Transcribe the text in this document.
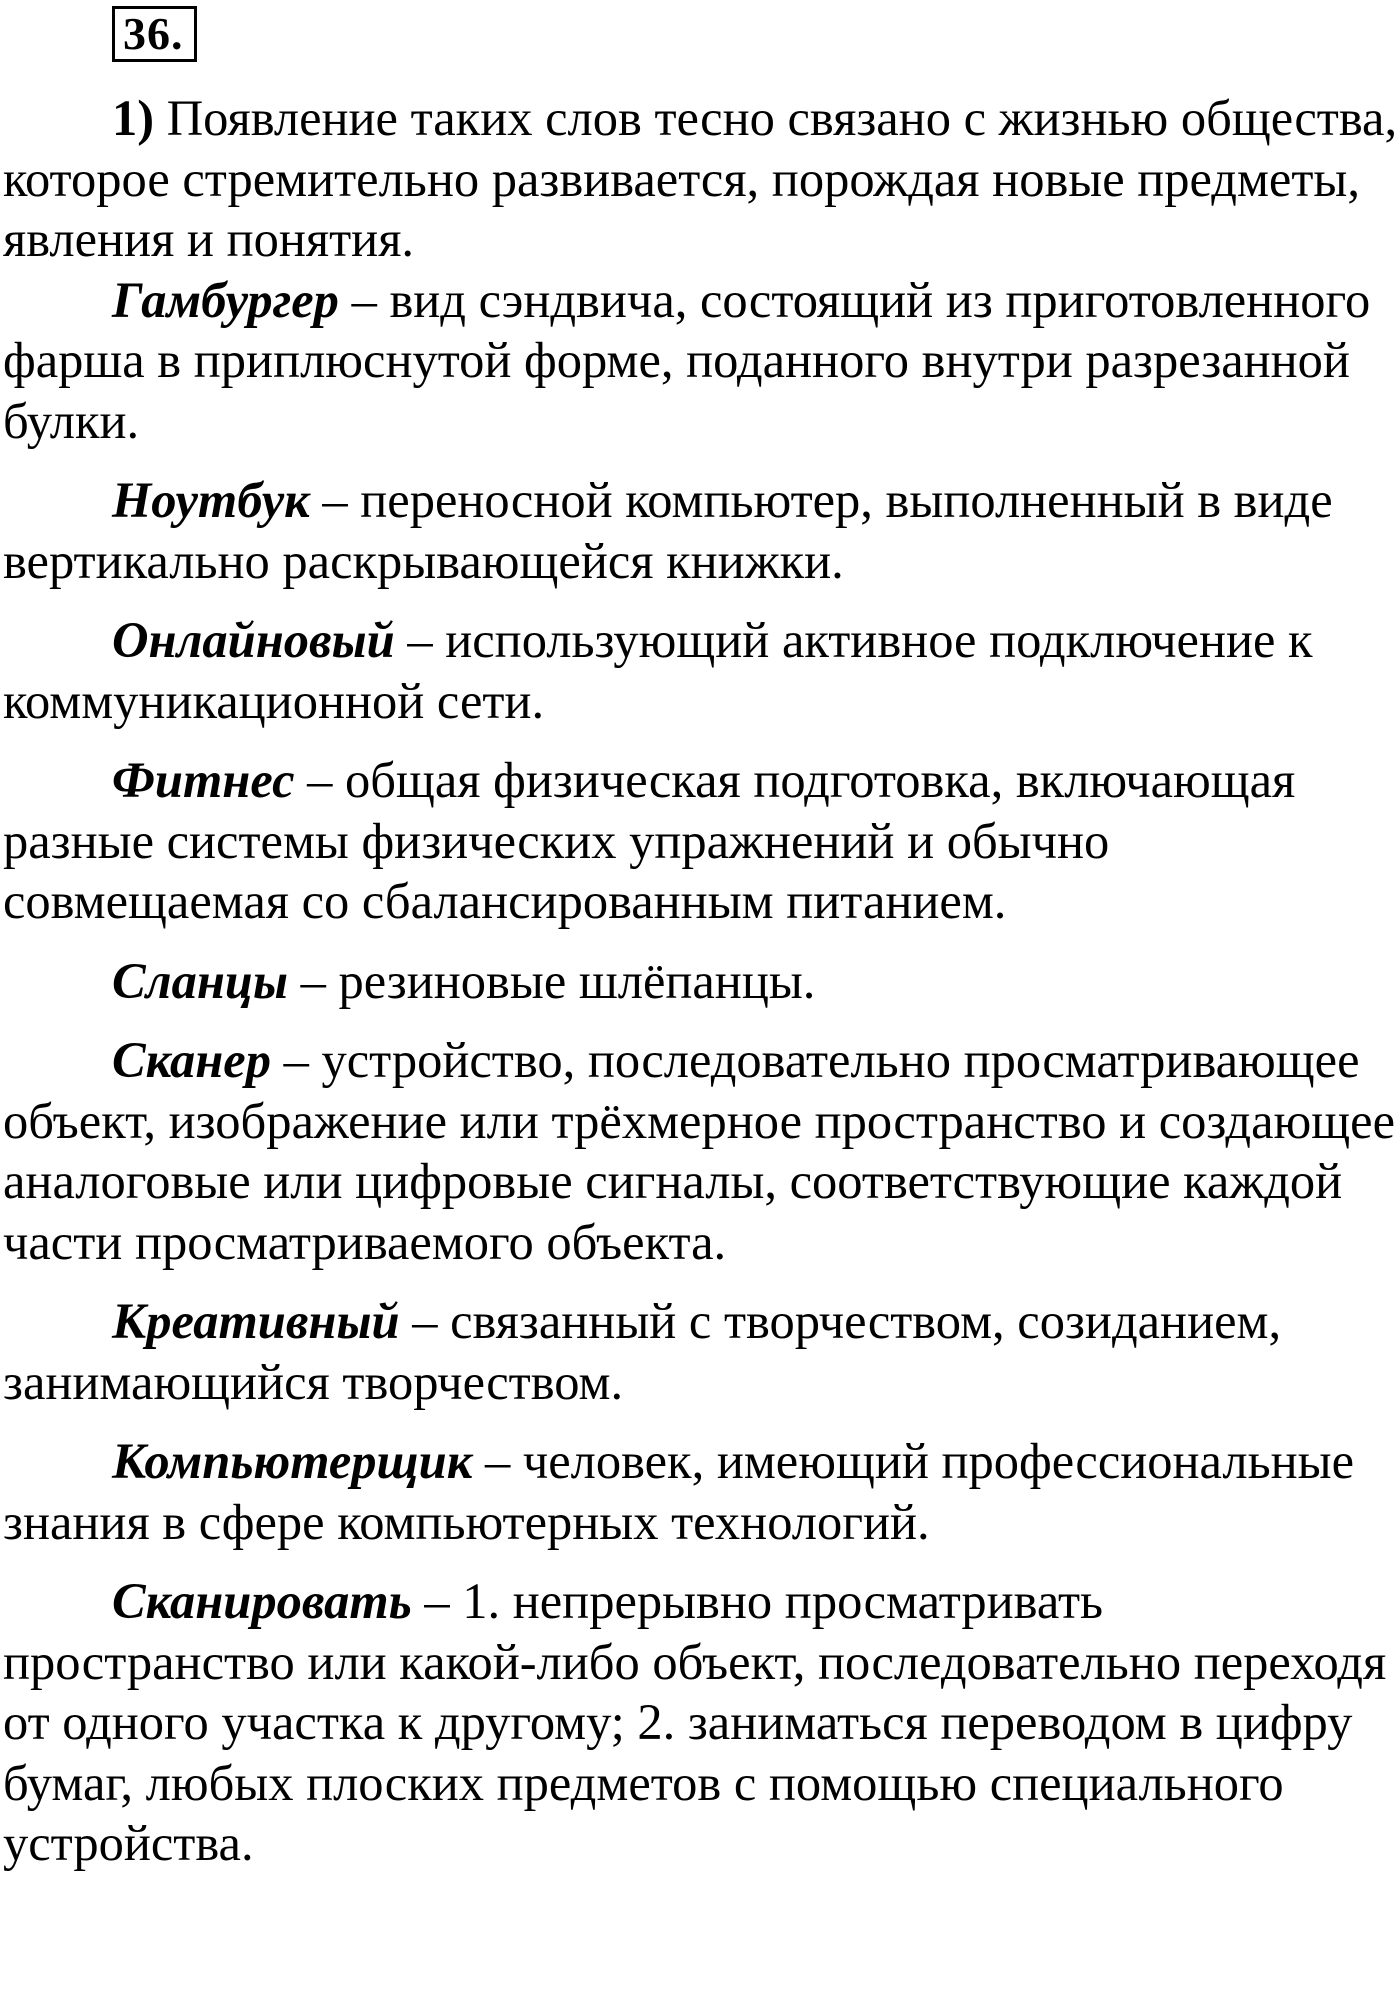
36.

1) Появление таких слов тесно связано с жизнью общества, которое стремительно развивается, порождая новые предметы, явления и понятия.

Гамбургер – вид сэндвича, состоящий из приготовленного фарша в приплюснутой форме, поданного внутри разрезанной булки.

Ноутбук – переносной компьютер, выполненный в виде вертикально раскрывающейся книжки.

Онлайновый – использующий активное подключение к коммуникационной сети.

Фитнес – общая физическая подготовка, включающая разные системы физических упражнений и обычно совмещаемая со сбалансированным питанием.

Сланцы – резиновые шлёпанцы.

Сканер – устройство, последовательно просматривающее объект, изображение или трёхмерное пространство и создающее аналоговые или цифровые сигналы, соответствующие каждой части просматриваемого объекта.

Креативный – связанный с творчеством, созиданием, занимающийся творчеством.

Компьютерщик – человек, имеющий профессиональные знания в сфере компьютерных технологий.

Сканировать – 1. непрерывно просматривать пространство или какой-либо объект, последовательно переходя от одного участка к другому; 2. заниматься переводом в цифру бумаг, любых плоских предметов с помощью специального устройства.
